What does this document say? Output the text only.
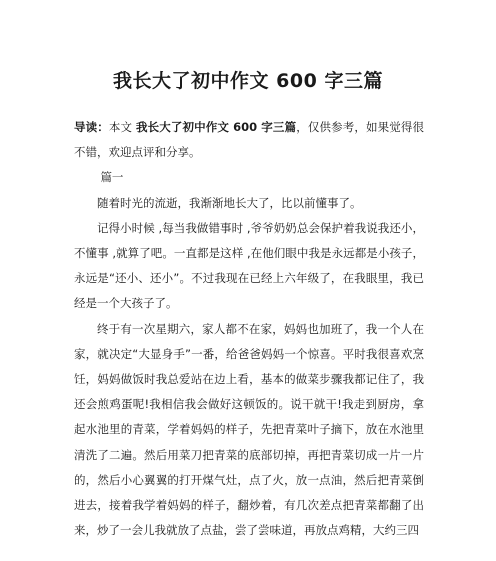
我长大了初中作文 600 字三篇

导读：本文 我长大了初中作文 600 字三篇，仅供参考，如果觉得很不错，欢迎点评和分享。

篇一

随着时光的流逝，我渐渐地长大了，比以前懂事了。

记得小时候 ,每当我做错事时 ,爷爷奶奶总会保护着我说我还小，不懂事 ,就算了吧。一直都是这样 ,在他们眼中我是永远都是小孩子，永远是“还小、还小”。不过我现在已经上六年级了，在我眼里，我已经是一个大孩子了。

终于有一次星期六，家人都不在家，妈妈也加班了，我一个人在家，就决定“大显身手”一番，给爸爸妈妈一个惊喜。平时我很喜欢烹饪，妈妈做饭时我总爱站在边上看，基本的做菜步骤我都记住了，我还会煎鸡蛋呢!我相信我会做好这顿饭的。说干就干!我走到厨房，拿起水池里的青菜，学着妈妈的样子，先把青菜叶子摘下，放在水池里清洗了二遍。然后用菜刀把青菜的底部切掉，再把青菜切成一片一片的，然后小心翼翼的打开煤气灶，点了火，放一点油，然后把青菜倒进去，接着我学着妈妈的样子，翻炒着，有几次差点把青菜都翻了出来，炒了一会儿我就放了点盐，尝了尝味道，再放点鸡精，大约三四
